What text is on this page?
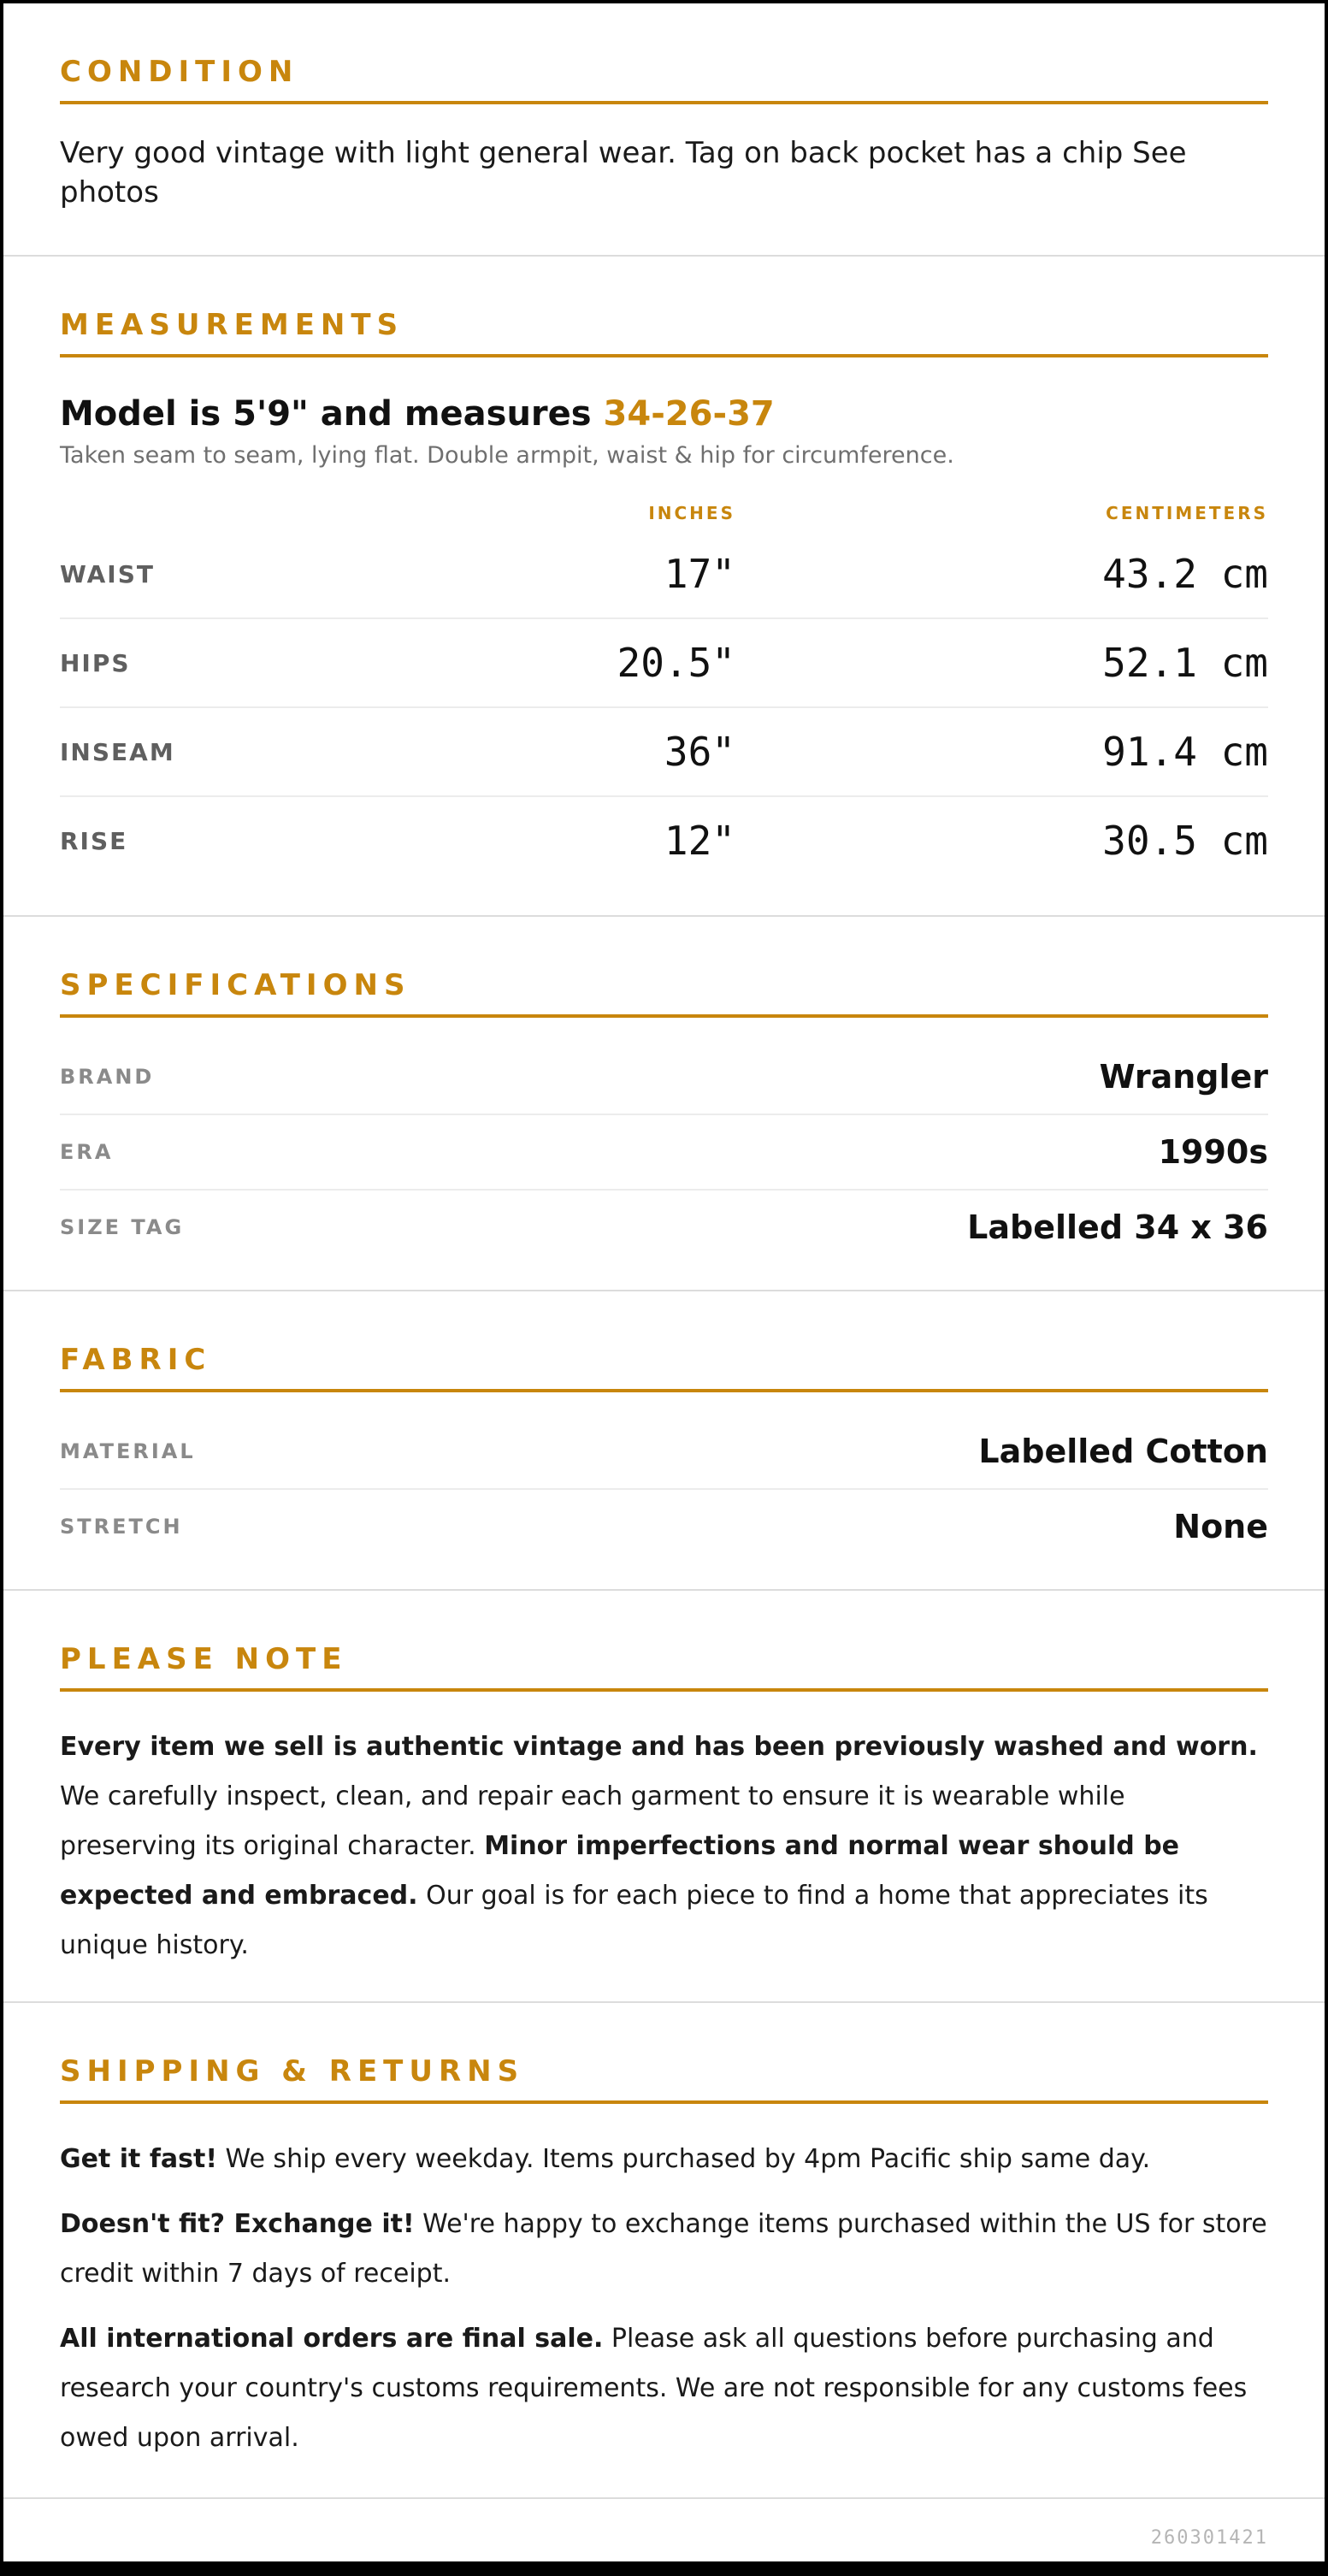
CONDITION
Very good vintage with light general wear. Tag on back pocket has a chip See photos
MEASUREMENTS
Model is 5'9" and measures 34-26-37
Taken seam to seam, lying flat. Double armpit, waist & hip for circumference.
INCHES	CENTIMETERS
WAIST	17"	43.2 cm
HIPS	20.5"	52.1 cm
INSEAM	36"	91.4 cm
RISE	12"	30.5 cm
SPECIFICATIONS
BRAND	Wrangler
ERA	1990s
SIZE TAG	Labelled 34 x 36
FABRIC
MATERIAL	Labelled Cotton
STRETCH	None
PLEASE NOTE
Every item we sell is authentic vintage and has been previously washed and worn. We carefully inspect, clean, and repair each garment to ensure it is wearable while preserving its original character. Minor imperfections and normal wear should be expected and embraced. Our goal is for each piece to find a home that appreciates its unique history.
SHIPPING & RETURNS

Get it fast! We ship every weekday. Items purchased by 4pm Pacific ship same day.

Doesn't fit? Exchange it! We're happy to exchange items purchased within the US for store credit within 7 days of receipt.

All international orders are final sale. Please ask all questions before purchasing and research your country's customs requirements. We are not responsible for any customs fees owed upon arrival.

260301421
